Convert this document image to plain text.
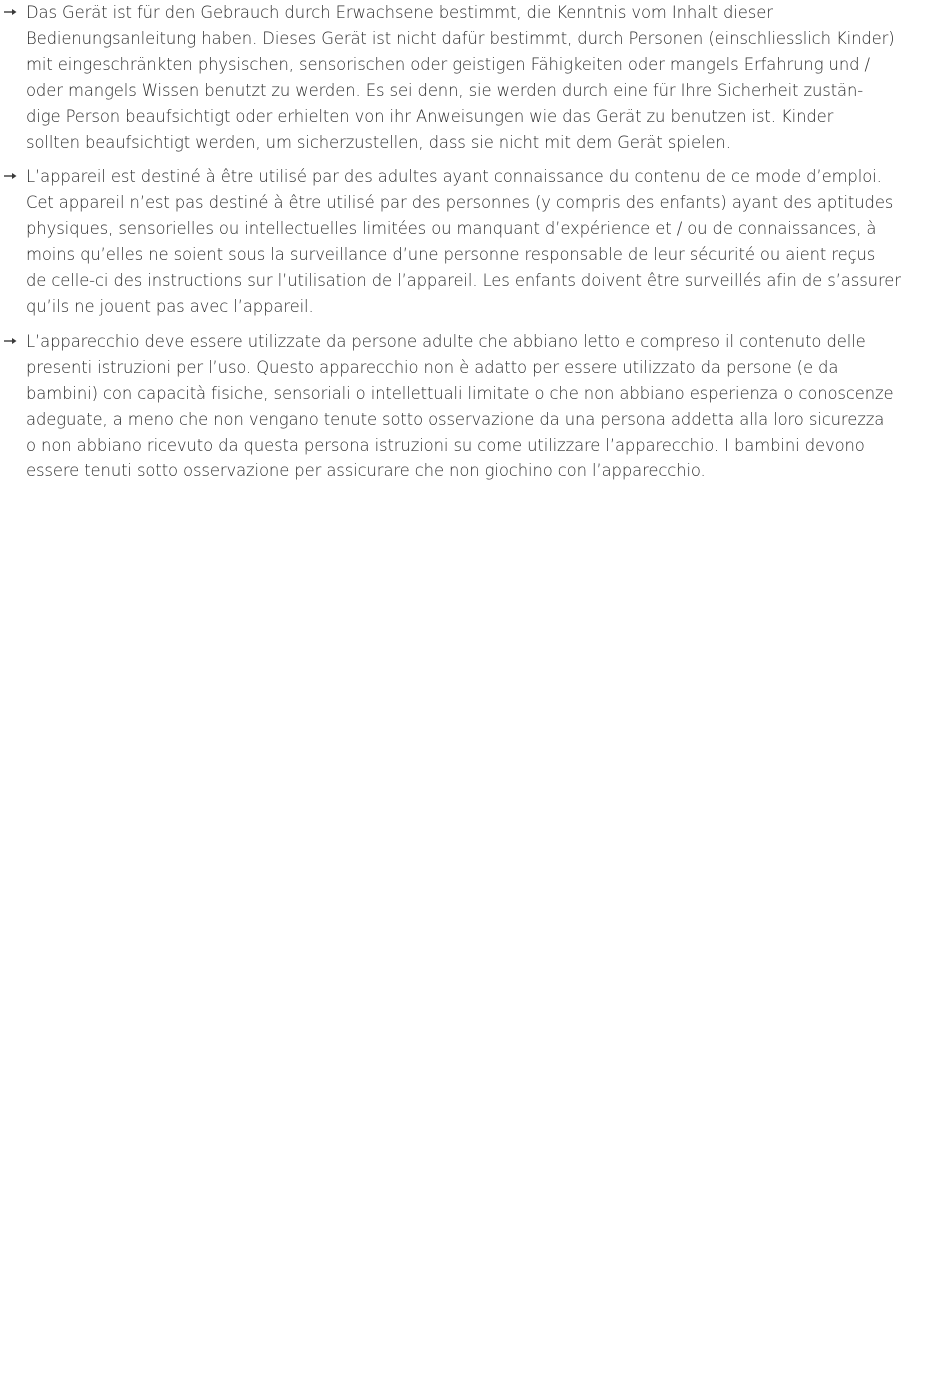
Das Gerät ist für den Gebrauch durch Erwachsene bestimmt, die Kenntnis vom Inhalt dieser
Bedienungsanleitung haben. Dieses Gerät ist nicht dafür bestimmt, durch Personen (einschliesslich Kinder)
mit eingeschränkten physischen, sensorischen oder geistigen Fähigkeiten oder mangels Erfahrung und /
oder mangels Wissen benutzt zu werden. Es sei denn, sie werden durch eine für Ihre Sicherheit zustän-
dige Person beaufsichtigt oder erhielten von ihr Anweisungen wie das Gerät zu benutzen ist. Kinder
sollten beaufsichtigt werden, um sicherzustellen, dass sie nicht mit dem Gerät spielen.
L’appareil est destiné à être utilisé par des adultes ayant connaissance du contenu de ce mode d’emploi.
Cet appareil n’est pas destiné à être utilisé par des personnes (y compris des enfants) ayant des aptitudes
physiques, sensorielles ou intellectuelles limitées ou manquant d’expérience et / ou de connaissances, à
moins qu’elles ne soient sous la surveillance d’une personne responsable de leur sécurité ou aient reçus
de celle-ci des instructions sur l’utilisation de l’appareil. Les enfants doivent être surveillés afin de s’assurer
qu’ils ne jouent pas avec l’appareil.
L’apparecchio deve essere utilizzate da persone adulte che abbiano letto e compreso il contenuto delle
presenti istruzioni per l’uso. Questo apparecchio non è adatto per essere utilizzato da persone (e da
bambini) con capacità fisiche, sensoriali o intellettuali limitate o che non abbiano esperienza o conoscenze
adeguate, a meno che non vengano tenute sotto osservazione da una persona addetta alla loro sicurezza
o non abbiano ricevuto da questa persona istruzioni su come utilizzare l’apparecchio. I bambini devono
essere tenuti sotto osservazione per assicurare che non giochino con l’apparecchio.
